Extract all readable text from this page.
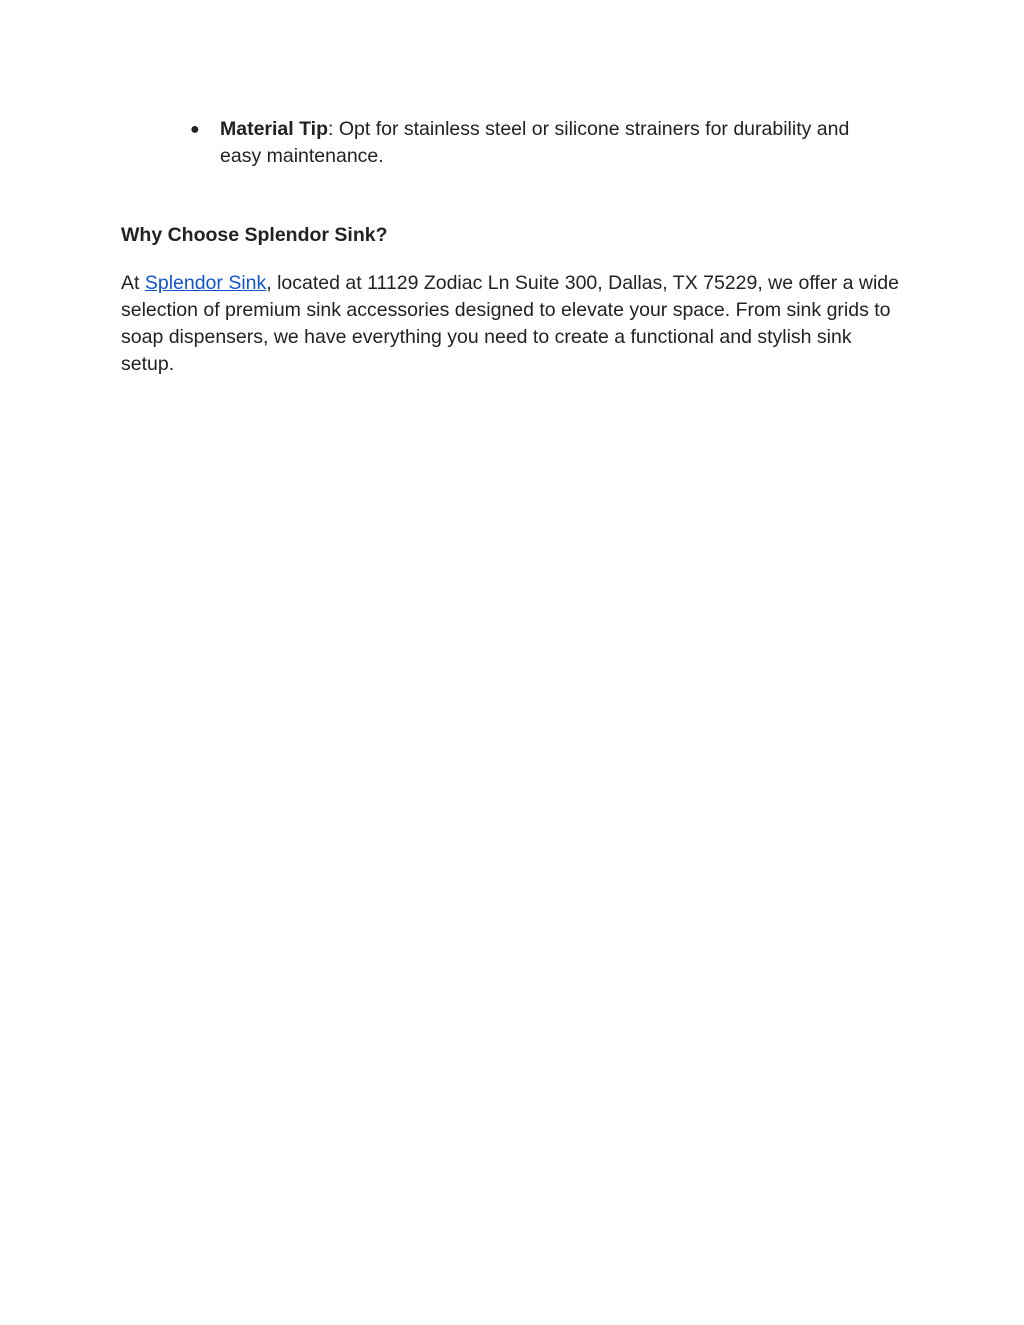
● Material Tip: Opt for stainless steel or silicone strainers for durability and easy maintenance.
Why Choose Splendor Sink?

At Splendor Sink, located at 11129 Zodiac Ln Suite 300, Dallas, TX 75229, we offer a wide selection of premium sink accessories designed to elevate your space. From sink grids to soap dispensers, we have everything you need to create a functional and stylish sink setup.
